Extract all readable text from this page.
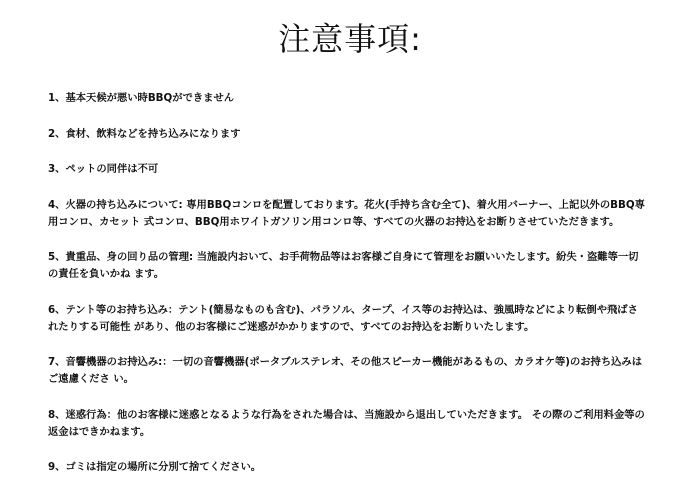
注意事項:
1、基本天候が悪い時BBQができません
2、食材、飲料などを持ち込みになります
3、ペットの同伴は不可
4、火器の持ち込みについて: 専用BBQコンロを配置しております。花火(手持ち含む全て)、着火用バーナー、上記以外のBBQ専用コンロ、カセット 式コンロ、BBQ用ホワイトガソリン用コンロ等、すべての火器のお持込をお断りさせていただきます。
5、貴重品、身の回り品の管理: 当施設内おいて、お手荷物品等はお客様ご自身にて管理をお願いいたします。紛失・盗難等一切の責任を負いかね ます。
6、テント等のお持ち込み：テント(簡易なものも含む)、パラソル、タープ、イス等のお持込は、強風時などにより転倒や飛ばされたりする可能性 があり、他のお客様にご迷惑がかかりますので、すべてのお持込をお断りいたします。
7、音響機器のお持込み:：一切の音響機器(ポータブルステレオ、その他スピーカー機能があるもの、カラオケ等)のお持ち込みはご遠慮くださ い。
8、迷惑行為：他のお客様に迷惑となるような行為をされた場合は、当施設から退出していただきます。 その際のご利用料金等の返金はできかねます。
9、ゴミは指定の場所に分別て捨てください。
